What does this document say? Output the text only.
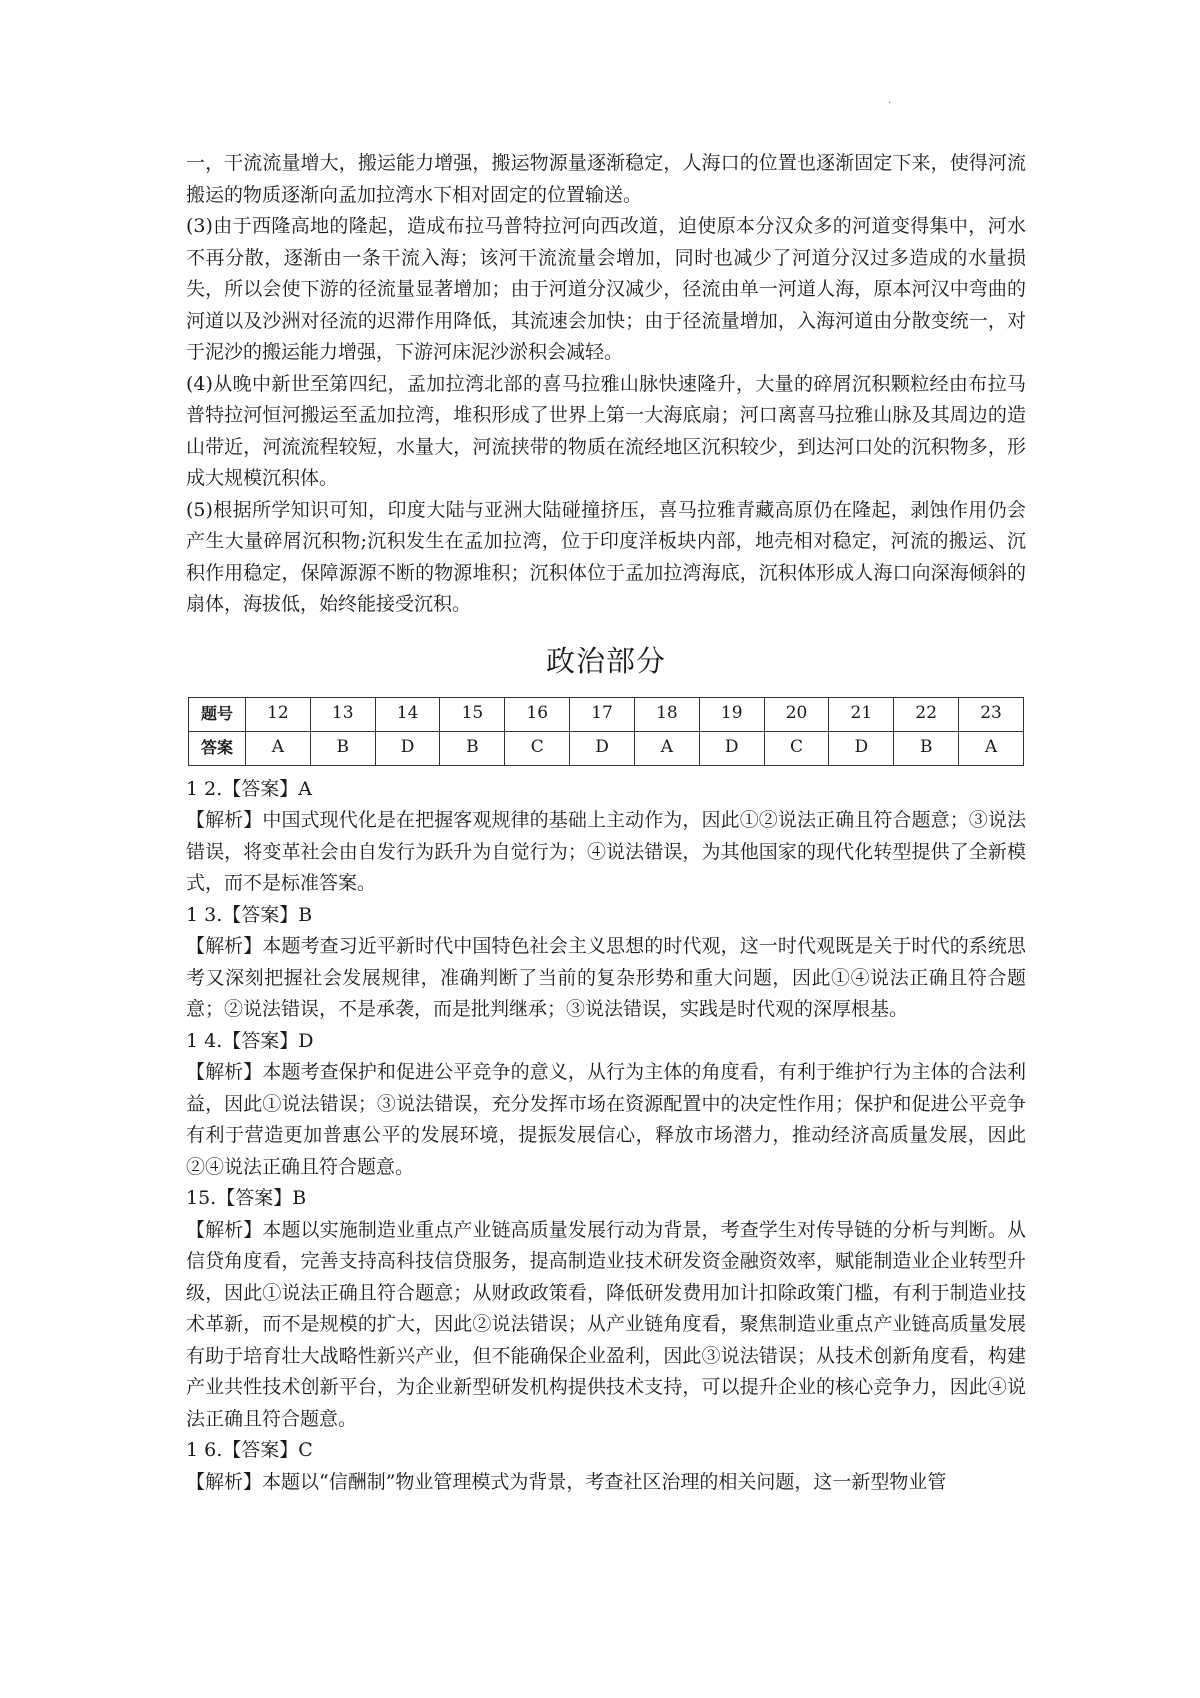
·

一，干流流量增大，搬运能力增强，搬运物源量逐渐稳定，人海口的位置也逐渐固定下来，使得河流搬运的物质逐渐向孟加拉湾水下相对固定的位置输送。

(3)由于西隆高地的隆起，造成布拉马普特拉河向西改道，迫使原本分汉众多的河道变得集中，河水不再分散，逐渐由一条干流入海；该河干流流量会增加，同时也减少了河道分汉过多造成的水量损失，所以会使下游的径流量显著增加；由于河道分汉减少，径流由单一河道人海，原本河汉中弯曲的河道以及沙洲对径流的迟滞作用降低，其流速会加快；由于径流量增加，入海河道由分散变统一，对于泥沙的搬运能力增强，下游河床泥沙淤积会减轻。

(4)从晚中新世至第四纪，孟加拉湾北部的喜马拉雅山脉快速隆升，大量的碎屑沉积颗粒经由布拉马普特拉河恒河搬运至孟加拉湾，堆积形成了世界上第一大海底扇；河口离喜马拉雅山脉及其周边的造山带近，河流流程较短，水量大，河流挟带的物质在流经地区沉积较少，到达河口处的沉积物多，形成大规模沉积体。

(5)根据所学知识可知，印度大陆与亚洲大陆碰撞挤压，喜马拉雅青藏高原仍在隆起，剥蚀作用仍会产生大量碎屑沉积物;沉积发生在孟加拉湾，位于印度洋板块内部，地壳相对稳定，河流的搬运、沉积作用稳定，保障源源不断的物源堆积；沉积体位于孟加拉湾海底，沉积体形成人海口向深海倾斜的扇体，海拔低，始终能接受沉积。

政治部分
题号	12	13	14	15	16	17	18	19	20	21	22	23
答案	A	B	D	B	C	D	A	D	C	D	B	A

1 2.【答案】A

【解析】中国式现代化是在把握客观规律的基础上主动作为，因此①②说法正确且符合题意；③说法错误，将变革社会由自发行为跃升为自觉行为；④说法错误，为其他国家的现代化转型提供了全新模式，而不是标准答案。

1 3.【答案】B

【解析】本题考查习近平新时代中国特色社会主义思想的时代观，这一时代观既是关于时代的系统思考又深刻把握社会发展规律，准确判断了当前的复杂形势和重大问题，因此①④说法正确且符合题意；②说法错误，不是承袭，而是批判继承；③说法错误，实践是时代观的深厚根基。

1 4.【答案】D

【解析】本题考查保护和促进公平竞争的意义，从行为主体的角度看，有利于维护行为主体的合法利益，因此①说法错误；③说法错误，充分发挥市场在资源配置中的决定性作用；保护和促进公平竞争有利于营造更加普惠公平的发展环境，提振发展信心，释放市场潜力，推动经济高质量发展，因此②④说法正确且符合题意。

15.【答案】B

【解析】本题以实施制造业重点产业链高质量发展行动为背景，考查学生对传导链的分析与判断。从信贷角度看，完善支持高科技信贷服务，提高制造业技术研发资金融资效率，赋能制造业企业转型升级，因此①说法正确且符合题意；从财政政策看，降低研发费用加计扣除政策门槛，有利于制造业技术革新，而不是规模的扩大，因此②说法错误；从产业链角度看，聚焦制造业重点产业链高质量发展有助于培育壮大战略性新兴产业，但不能确保企业盈利，因此③说法错误；从技术创新角度看，构建产业共性技术创新平台，为企业新型研发机构提供技术支持，可以提升企业的核心竞争力，因此④说法正确且符合题意。

1 6.【答案】C

【解析】本题以“信酬制”物业管理模式为背景，考查社区治理的相关问题，这一新型物业管
